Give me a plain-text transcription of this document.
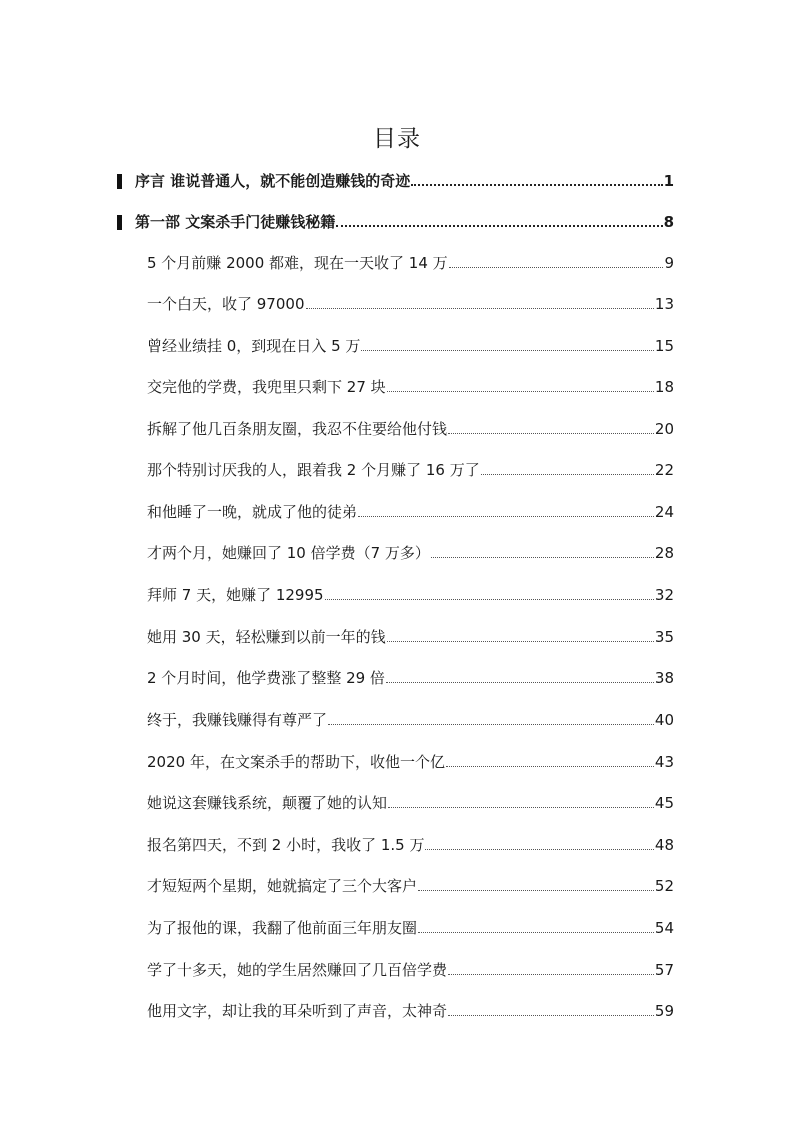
目录
序言 谁说普通人，就不能创造赚钱的奇迹	1
第一部 文案杀手门徒赚钱秘籍	8
5 个月前赚 2000 都难，现在一天收了 14 万	9
一个白天，收了 97000	13
曾经业绩挂 0，到现在日入 5 万	15
交完他的学费，我兜里只剩下 27 块	18
拆解了他几百条朋友圈，我忍不住要给他付钱	20
那个特别讨厌我的人，跟着我 2 个月赚了 16 万了	22
和他睡了一晚，就成了他的徒弟	24
才两个月，她赚回了 10 倍学费（7 万多）	28
拜师 7 天，她赚了 12995	32
她用 30 天，轻松赚到以前一年的钱	35
2 个月时间，他学费涨了整整 29 倍	38
终于，我赚钱赚得有尊严了	40
2020 年，在文案杀手的帮助下，收他一个亿	43
她说这套赚钱系统，颠覆了她的认知	45
报名第四天，不到 2 小时，我收了 1.5 万	48
才短短两个星期，她就搞定了三个大客户	52
为了报他的课，我翻了他前面三年朋友圈	54
学了十多天，她的学生居然赚回了几百倍学费	57
他用文字，却让我的耳朵听到了声音，太神奇	59
